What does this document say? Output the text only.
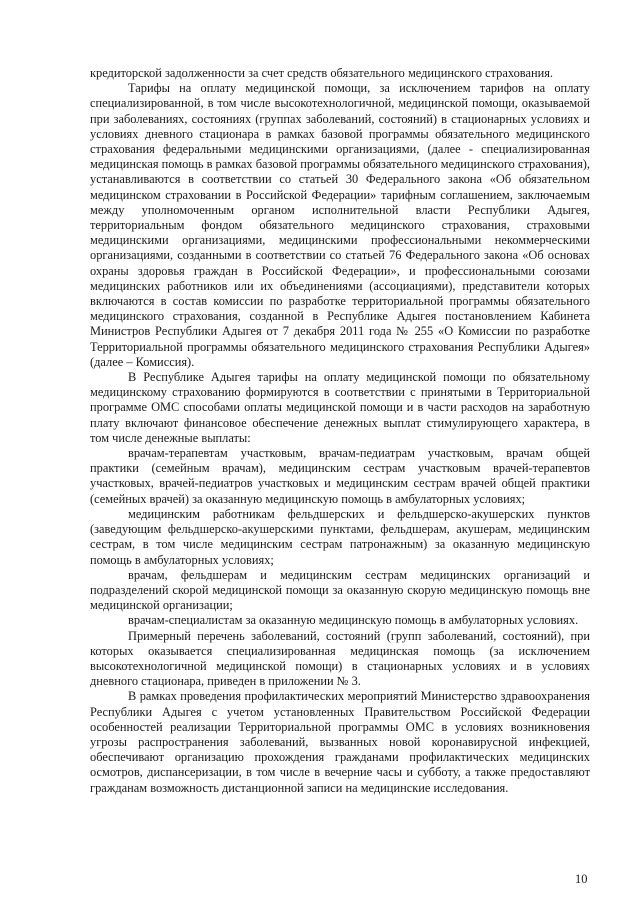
кредиторской задолженности за счет средств обязательного медицинского страхования.

Тарифы на оплату медицинской помощи, за исключением тарифов на оплату специализированной, в том числе высокотехнологичной, медицинской помощи, оказываемой при заболеваниях, состояниях (группах заболеваний, состояний) в стационарных условиях и условиях дневного стационара в рамках базовой программы обязательного медицинского страхования федеральными медицинскими организациями, (далее - специализированная медицинская помощь в рамках базовой программы обязательного медицинского страхования), устанавливаются в соответствии со статьей 30 Федерального закона «Об обязательном медицинском страховании в Российской Федерации» тарифным соглашением, заключаемым между уполномоченным органом исполнительной власти Республики Адыгея, территориальным фондом обязательного медицинского страхования, страховыми медицинскими организациями, медицинскими профессиональными некоммерческими организациями, созданными в соответствии со статьей 76 Федерального закона «Об основах охраны здоровья граждан в Российской Федерации», и профессиональными союзами медицинских работников или их объединениями (ассоциациями), представители которых включаются в состав комиссии по разработке территориальной программы обязательного медицинского страхования, созданной в Республике Адыгея постановлением Кабинета Министров Республики Адыгея от 7 декабря 2011 года № 255 «О Комиссии по разработке Территориальной программы обязательного медицинского страхования Республики Адыгея» (далее – Комиссия).

В Республике Адыгея тарифы на оплату медицинской помощи по обязательному медицинскому страхованию формируются в соответствии с принятыми в Территориальной программе ОМС способами оплаты медицинской помощи и в части расходов на заработную плату включают финансовое обеспечение денежных выплат стимулирующего характера, в том числе денежные выплаты:

врачам-терапевтам участковым, врачам-педиатрам участковым, врачам общей практики (семейным врачам), медицинским сестрам участковым врачей-терапевтов участковых, врачей-педиатров участковых и медицинским сестрам врачей общей практики (семейных врачей) за оказанную медицинскую помощь в амбулаторных условиях;

медицинским работникам фельдшерских и фельдшерско-акушерских пунктов (заведующим фельдшерско-акушерскими пунктами, фельдшерам, акушерам, медицинским сестрам, в том числе медицинским сестрам патронажным) за оказанную медицинскую помощь в амбулаторных условиях;

врачам, фельдшерам и медицинским сестрам медицинских организаций и подразделений скорой медицинской помощи за оказанную скорую медицинскую помощь вне медицинской организации;

врачам-специалистам за оказанную медицинскую помощь в амбулаторных условиях.

Примерный перечень заболеваний, состояний (групп заболеваний, состояний), при которых оказывается специализированная медицинская помощь (за исключением высокотехнологичной медицинской помощи) в стационарных условиях и в условиях дневного стационара, приведен в приложении № 3.

В рамках проведения профилактических мероприятий Министерство здравоохранения Республики Адыгея с учетом установленных Правительством Российской Федерации особенностей реализации Территориальной программы ОМС в условиях возникновения угрозы распространения заболеваний, вызванных новой коронавирусной инфекцией, обеспечивают организацию прохождения гражданами профилактических медицинских осмотров, диспансеризации, в том числе в вечерние часы и субботу, а также предоставляют гражданам возможность дистанционной записи на медицинские исследования.

10
